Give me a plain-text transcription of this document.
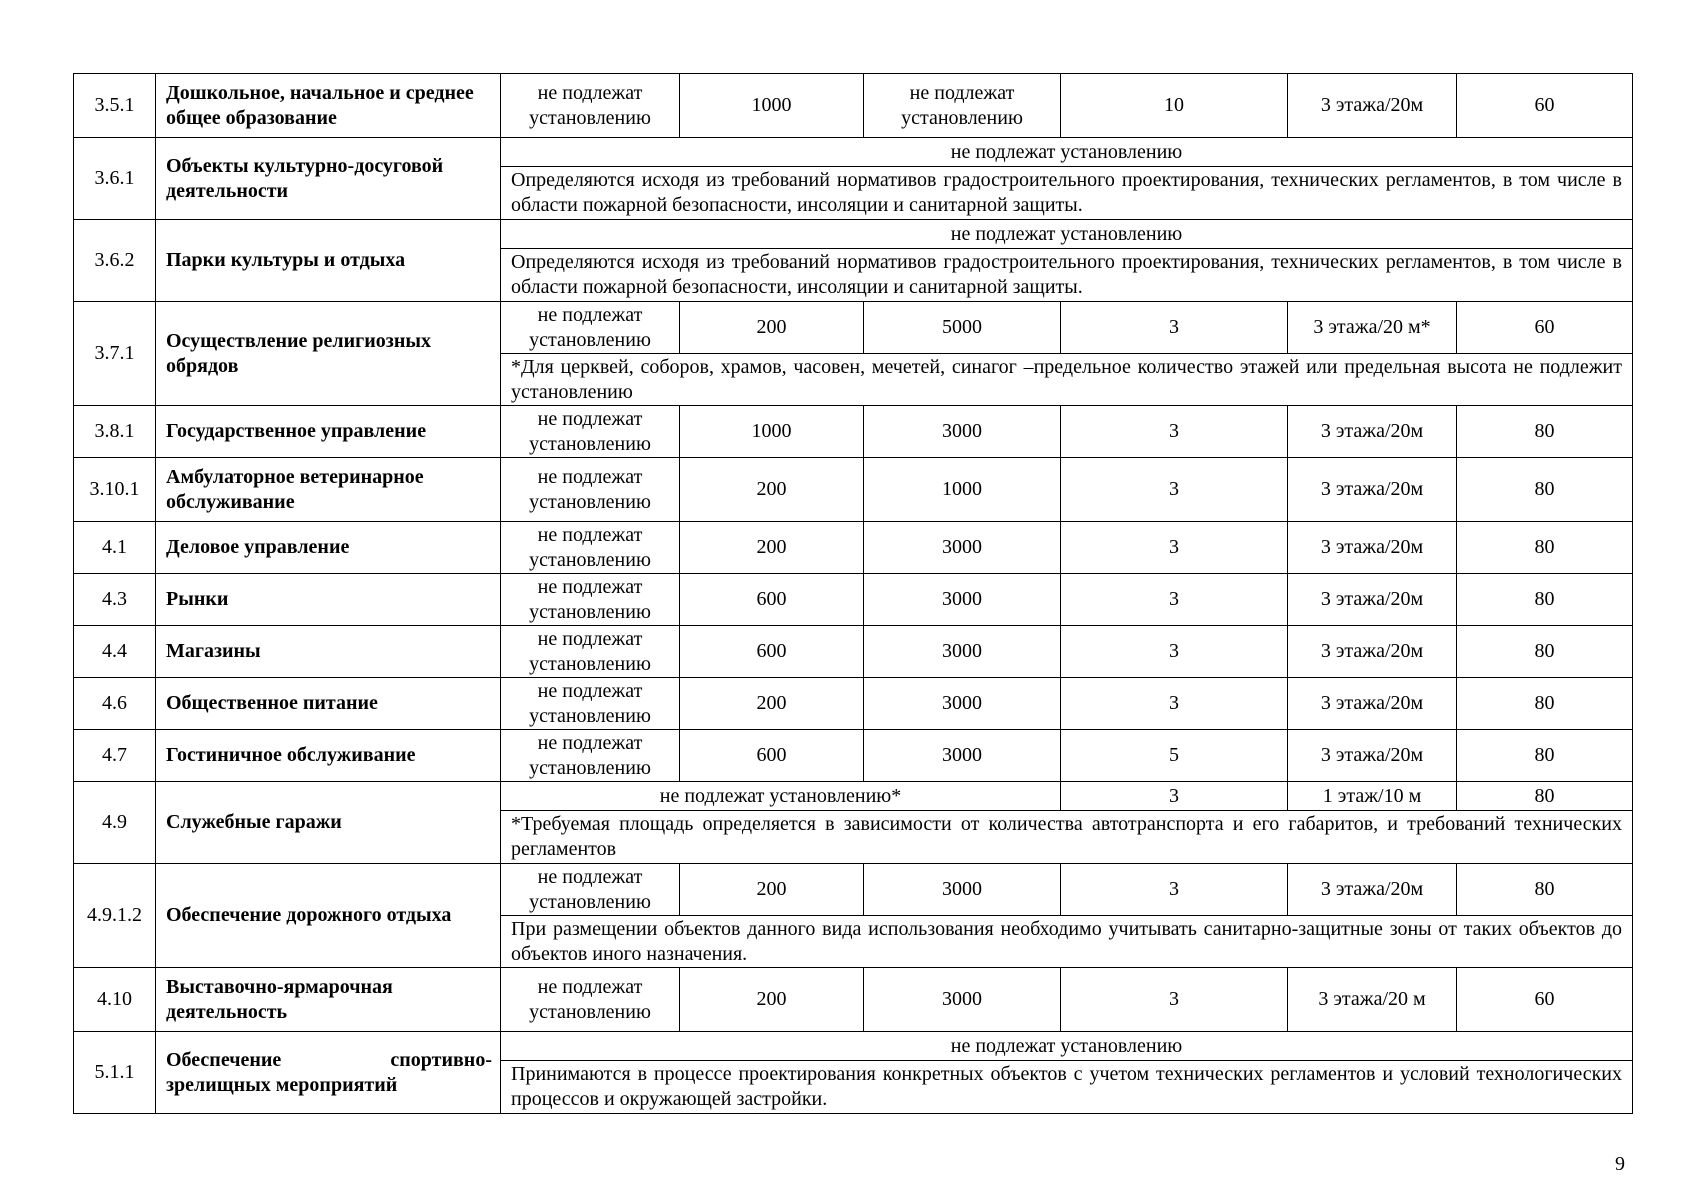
3.5.1	Дошкольное, начальное и среднее общее образование	не подлежат установлению	1000	не подлежат установлению	10	3 этажа/20м	60
3.6.1	Объекты культурно-досуговой деятельности	не подлежат установлению					
		Определяются исходя из требований нормативов градостроительного проектирования, технических регламентов, в том числе в области пожарной безопасности, инсоляции и санитарной защиты.					
3.6.2	Парки культуры и отдыха	не подлежат установлению					
		Определяются исходя из требований нормативов градостроительного проектирования, технических регламентов, в том числе в области пожарной безопасности, инсоляции и санитарной защиты.					
3.7.1	Осуществление религиозных обрядов	не подлежат установлению	200	5000	3	3 этажа/20 м*	60
		*Для церквей, соборов, храмов, часовен, мечетей, синагог –предельное количество этажей или предельная высота не подлежит установлению					
3.8.1	Государственное управление	не подлежат установлению	1000	3000	3	3 этажа/20м	80
3.10.1	Амбулаторное ветеринарное обслуживание	не подлежат установлению	200	1000	3	3 этажа/20м	80
4.1	Деловое управление	не подлежат установлению	200	3000	3	3 этажа/20м	80
4.3	Рынки	не подлежат установлению	600	3000	3	3 этажа/20м	80
4.4	Магазины	не подлежат установлению	600	3000	3	3 этажа/20м	80
4.6	Общественное питание	не подлежат установлению	200	3000	3	3 этажа/20м	80
4.7	Гостиничное обслуживание	не подлежат установлению	600	3000	5	3 этажа/20м	80
4.9	Служебные гаражи	не подлежат установлению*			3	1 этаж/10 м	80
		*Требуемая площадь определяется в зависимости от количества автотранспорта и его габаритов, и требований технических регламентов					
4.9.1.2	Обеспечение дорожного отдыха	не подлежат установлению	200	3000	3	3 этажа/20м	80
		При размещении объектов данного вида использования необходимо учитывать санитарно-защитные зоны от таких объектов до объектов иного назначения.					
4.10	Выставочно-ярмарочная деятельность	не подлежат установлению	200	3000	3	3 этажа/20 м	60
5.1.1	Обеспечение спортивно-зрелищных мероприятий	не подлежат установлению					
		Принимаются в процессе проектирования конкретных объектов с учетом технических регламентов и условий технологических процессов и окружающей застройки.					
9
